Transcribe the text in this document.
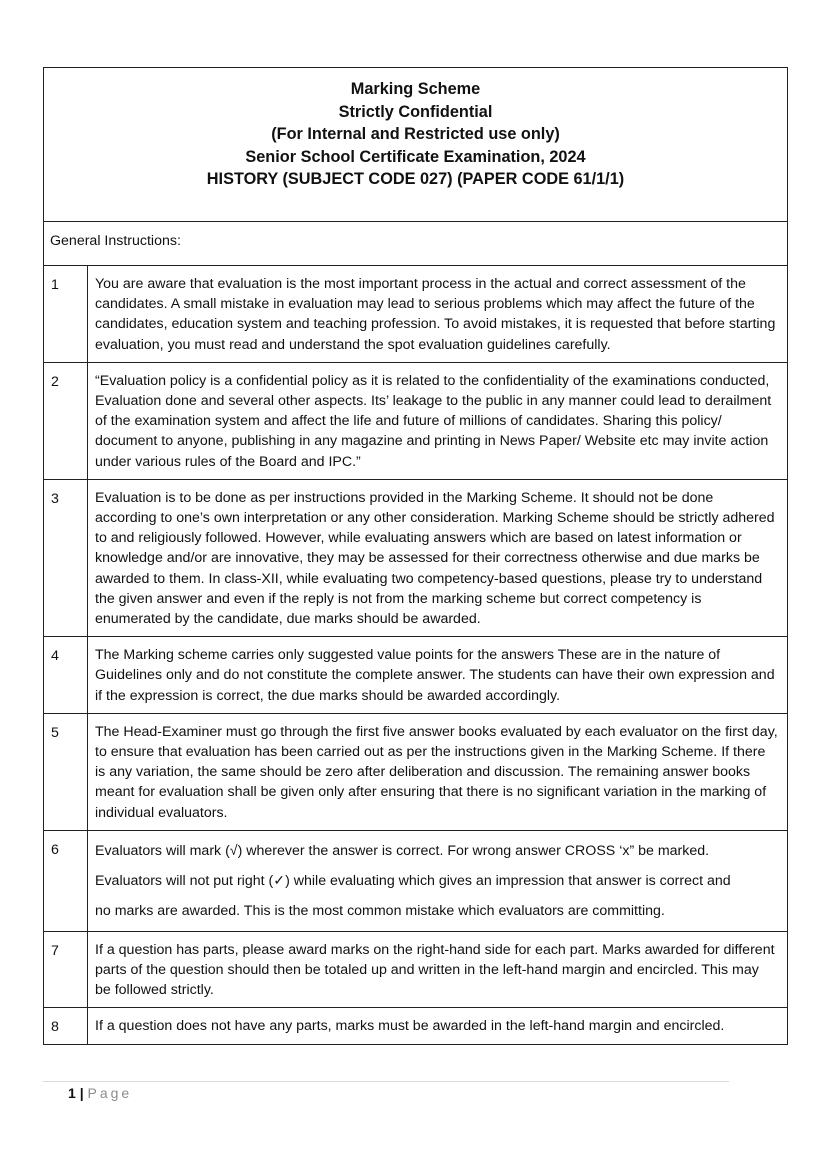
Marking Scheme
Strictly Confidential
(For Internal and Restricted use only)
Senior School Certificate Examination, 2024
HISTORY (SUBJECT CODE 027) (PAPER CODE 61/1/1)	

General Instructions:	
1	You are aware that evaluation is the most important process in the actual and correct assessment of the candidates. A small mistake in evaluation may lead to serious problems which may affect the future of the candidates, education system and teaching profession. To avoid mistakes, it is requested that before starting evaluation, you must read and understand the spot evaluation guidelines carefully.
2	“Evaluation policy is a confidential policy as it is related to the confidentiality of the examinations conducted, Evaluation done and several other aspects. Its’ leakage to the public in any manner could lead to derailment of the examination system and affect the life and future of millions of candidates. Sharing this policy/ document to anyone, publishing in any magazine and printing in News Paper/ Website etc may invite action under various rules of the Board and IPC.”
3	Evaluation is to be done as per instructions provided in the Marking Scheme. It should not be done according to one’s own interpretation or any other consideration. Marking Scheme should be strictly adhered to and religiously followed. However, while evaluating answers which are based on latest information or knowledge and/or are innovative, they may be assessed for their correctness otherwise and due marks be awarded to them. In class-XII, while evaluating two competency-based questions, please try to understand the given answer and even if the reply is not from the marking scheme but correct competency is enumerated by the candidate, due marks should be awarded.
4	The Marking scheme carries only suggested value points for the answers These are in the nature of Guidelines only and do not constitute the complete answer. The students can have their own expression and if the expression is correct, the due marks should be awarded accordingly.
5	The Head-Examiner must go through the first five answer books evaluated by each evaluator on the first day, to ensure that evaluation has been carried out as per the instructions given in the Marking Scheme. If there is any variation, the same should be zero after deliberation and discussion. The remaining answer books meant for evaluation shall be given only after ensuring that there is no significant variation in the marking of individual evaluators.
6	Evaluators will mark (√) wherever the answer is correct. For wrong answer CROSS ‘x” be marked.
Evaluators will not put right (✓) while evaluating which gives an impression that answer is correct and
no marks are awarded. This is the most common mistake which evaluators are committing.

7	If a question has parts, please award marks on the right-hand side for each part. Marks awarded for different parts of the question should then be totaled up and written in the left-hand margin and encircled. This may be followed strictly.
8	If a question does not have any parts, marks must be awarded in the left-hand margin and encircled.
1 | Page
